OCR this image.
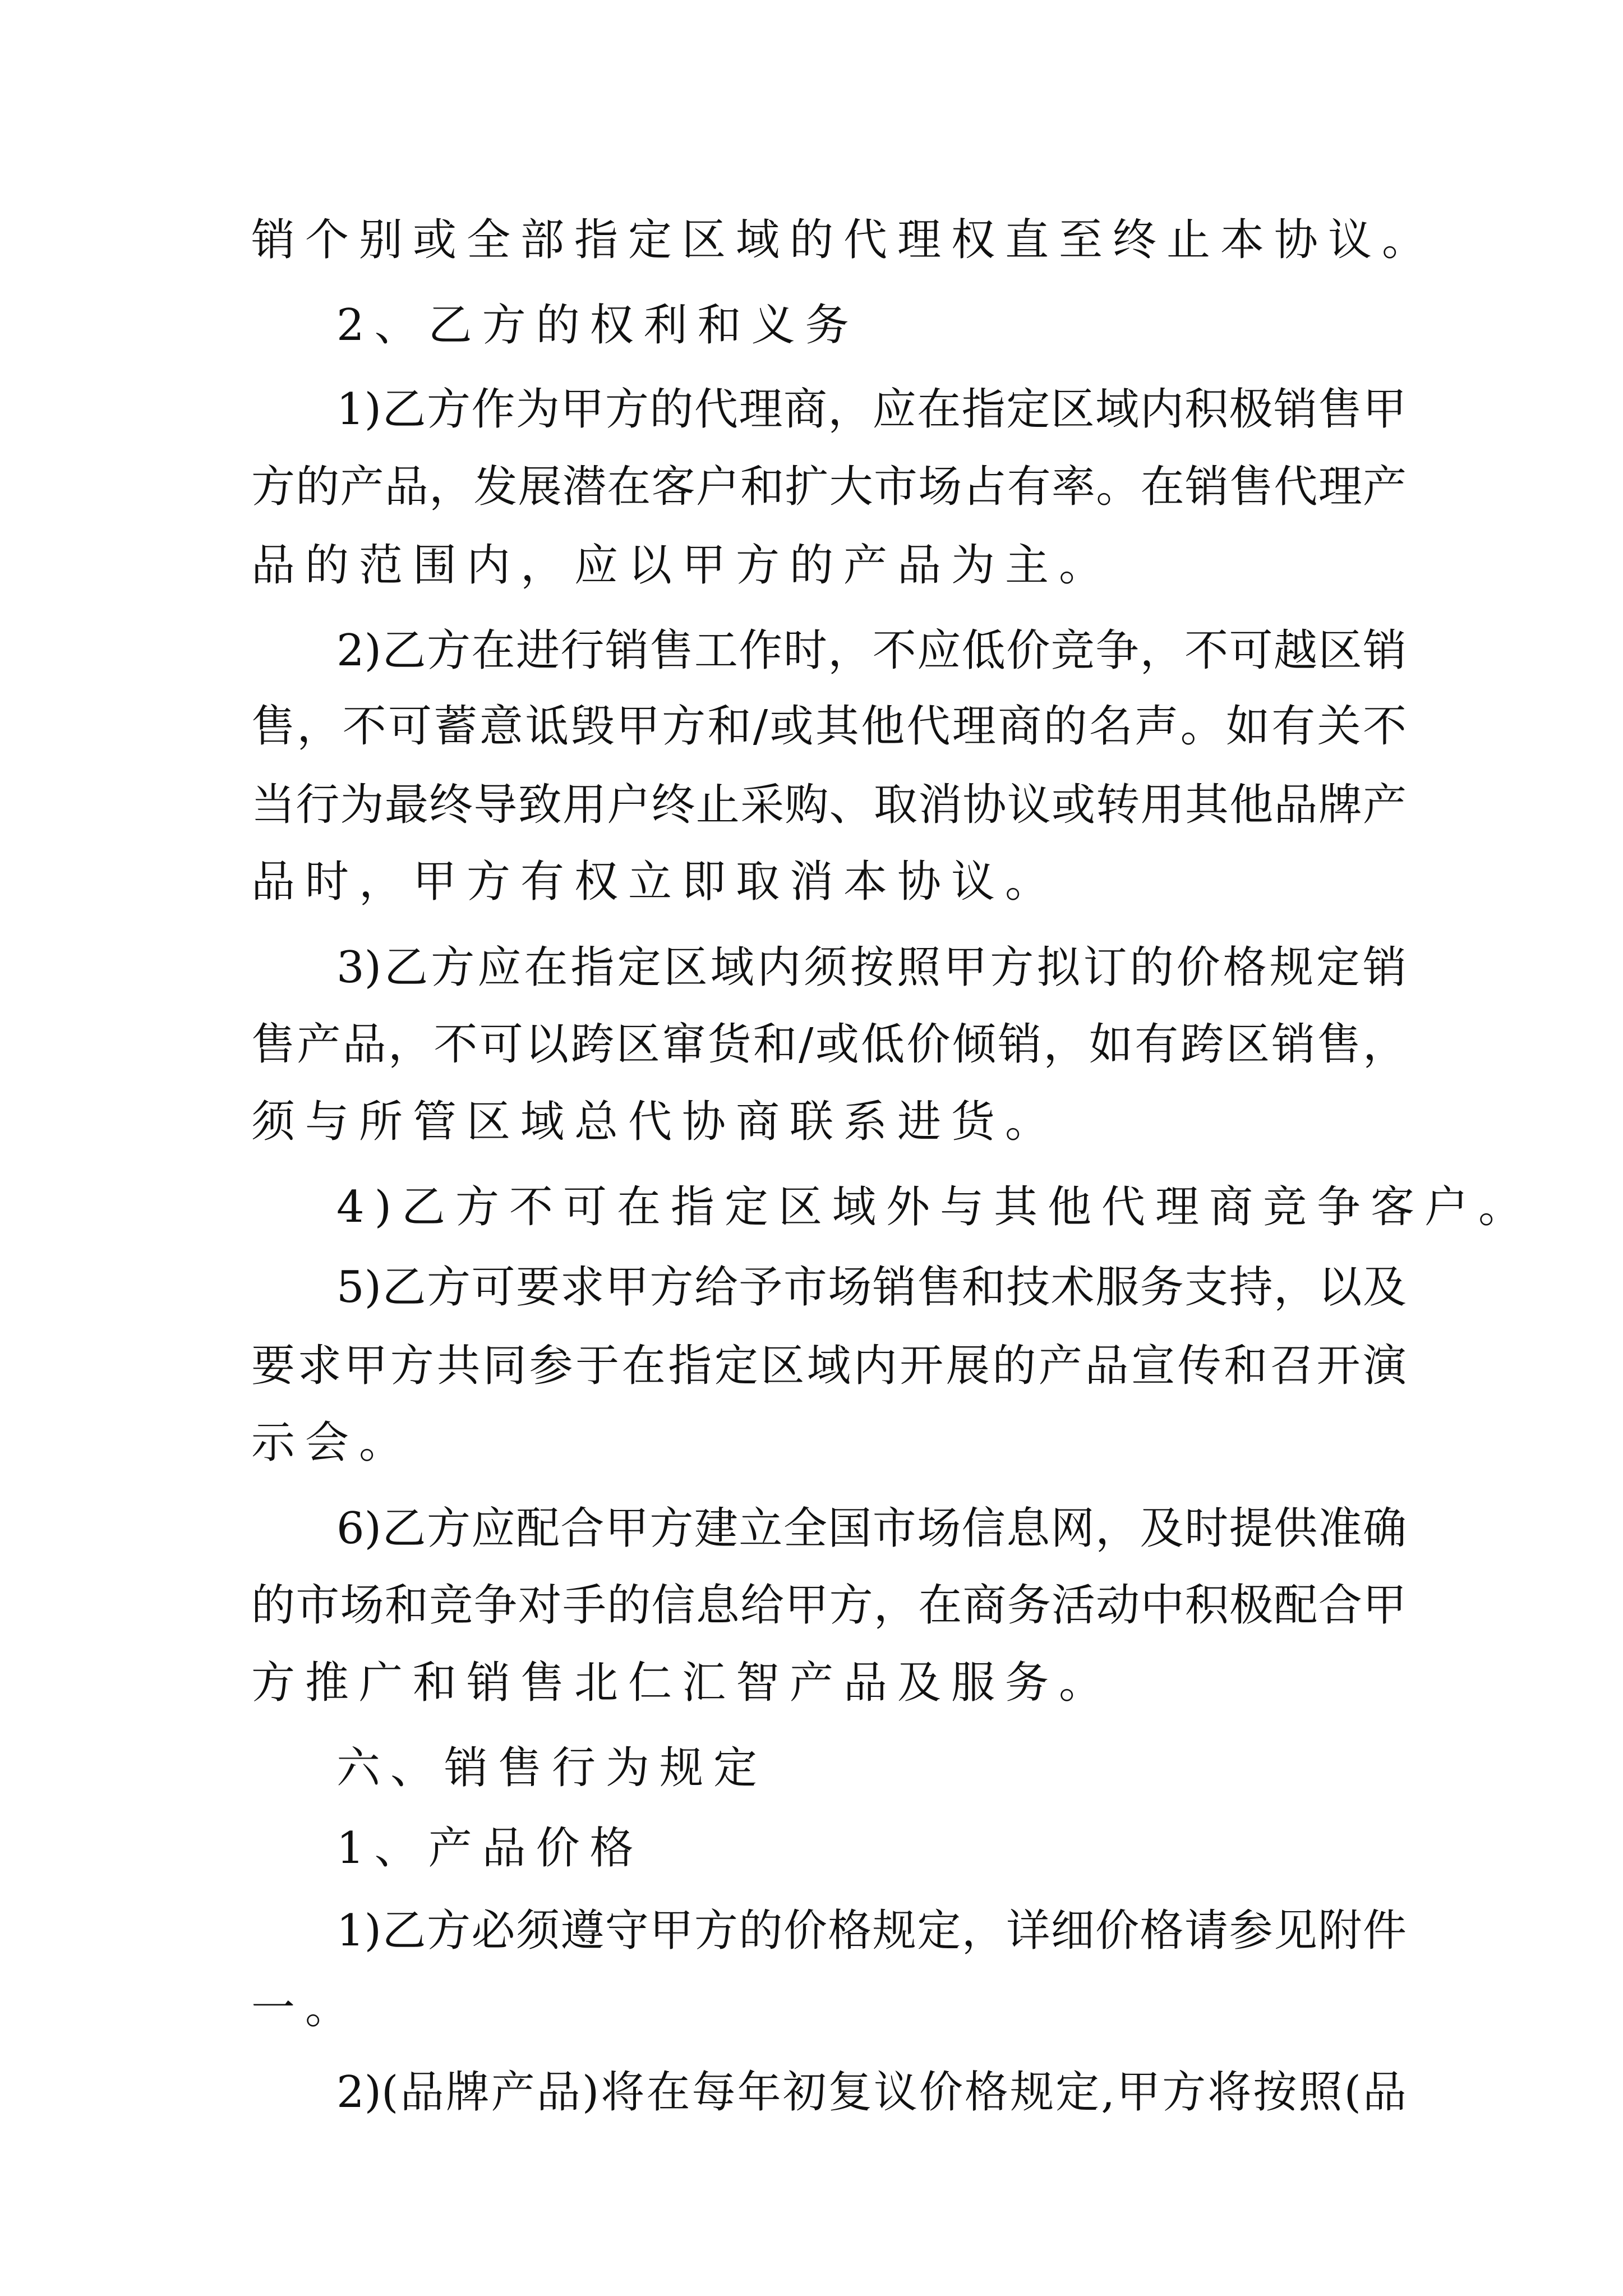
销个别或全部指定区域的代理权直至终止本协议。
2、乙方的权利和义务
1)乙方作为甲方的代理商，应在指定区域内积极销售甲
方的产品，发展潜在客户和扩大市场占有率。在销售代理产
品的范围内，应以甲方的产品为主。
2)乙方在进行销售工作时，不应低价竞争，不可越区销
售，不可蓄意诋毁甲方和/或其他代理商的名声。如有关不
当行为最终导致用户终止采购、取消协议或转用其他品牌产
品时，甲方有权立即取消本协议。
3)乙方应在指定区域内须按照甲方拟订的价格规定销
售产品，不可以跨区窜货和/或低价倾销，如有跨区销售，
须与所管区域总代协商联系进货。
4)乙方不可在指定区域外与其他代理商竞争客户。
5)乙方可要求甲方给予市场销售和技术服务支持，以及
要求甲方共同参于在指定区域内开展的产品宣传和召开演
示会。
6)乙方应配合甲方建立全国市场信息网，及时提供准确
的市场和竞争对手的信息给甲方，在商务活动中积极配合甲
方推广和销售北仁汇智产品及服务。
六、销售行为规定
1、产品价格
1)乙方必须遵守甲方的价格规定，详细价格请参见附件
一。
2)(品牌产品)将在每年初复议价格规定,甲方将按照(品
